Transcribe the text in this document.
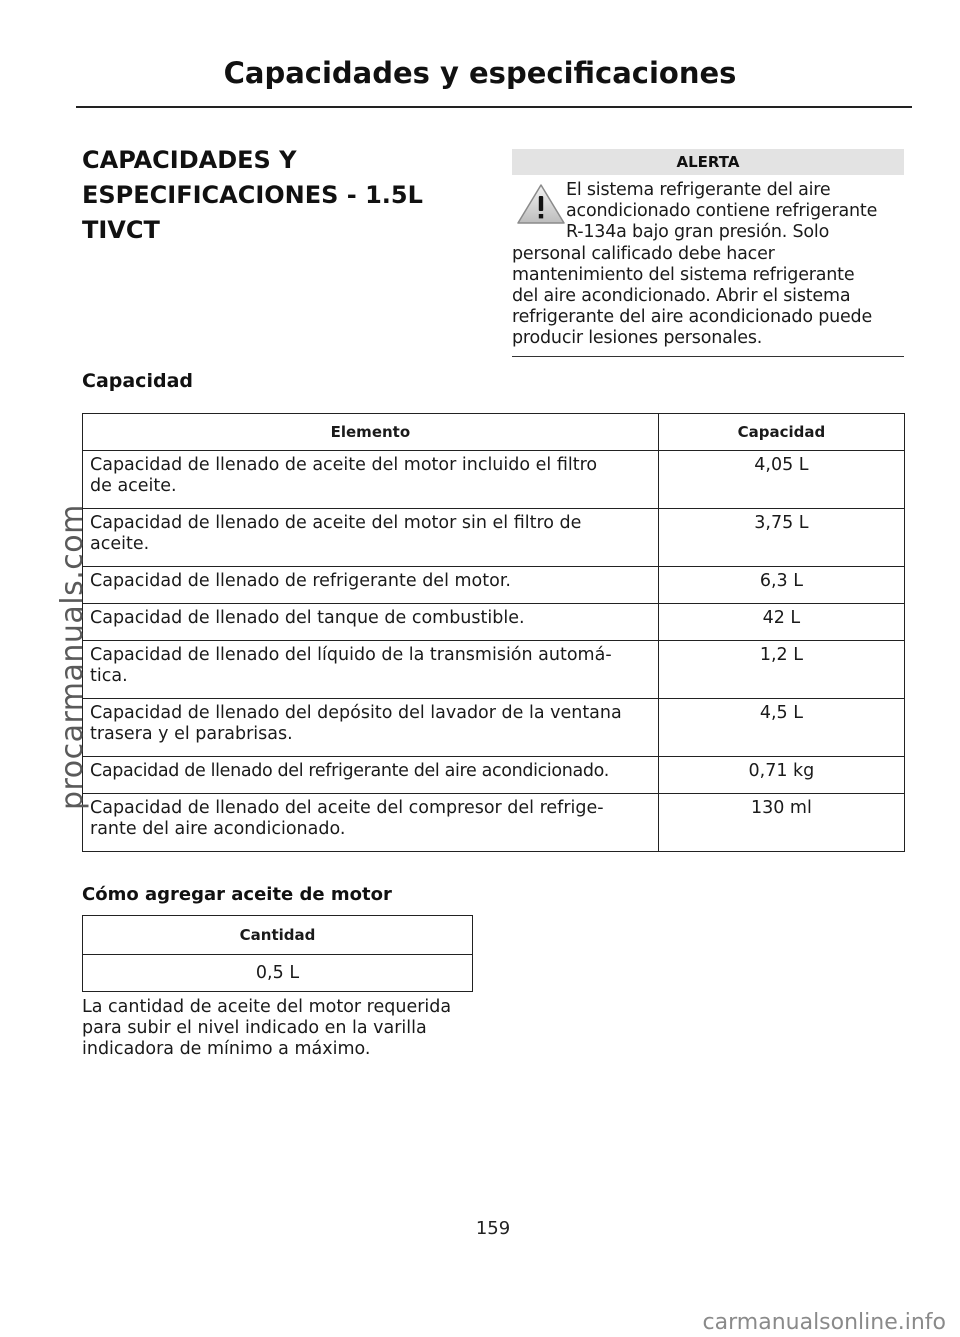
Capacidades y especificaciones
CAPACIDADES Y
ESPECIFICACIONES - 1.5L
TIVCT
ALERTA
El sistema refrigerante del aire
acondicionado contiene refrigerante
R-134a bajo gran presión. Solo
personal calificado debe hacer
mantenimiento del sistema refrigerante
del aire acondicionado. Abrir el sistema
refrigerante del aire acondicionado puede
producir lesiones personales.
Capacidad
Elemento	Capacidad

Capacidad de llenado de aceite del motor incluido el filtro
de aceite.	4,05 L

Capacidad de llenado de aceite del motor sin el filtro de
aceite.	3,75 L

Capacidad de llenado de refrigerante del motor.	6,3 L

Capacidad de llenado del tanque de combustible.	42 L

Capacidad de llenado del líquido de la transmisión automá-
tica.	1,2 L

Capacidad de llenado del depósito del lavador de la ventana
trasera y el parabrisas.	4,5 L

Capacidad de llenado del refrigerante del aire acondicionado.	0,71 kg

Capacidad de llenado del aceite del compresor del refrige-
rante del aire acondicionado.	130 ml
Cómo agregar aceite de motor
Cantidad
0,5 L
La cantidad de aceite del motor requerida
para subir el nivel indicado en la varilla
indicadora de mínimo a máximo.
159
procarmanuals.com
carmanualsonline.info
